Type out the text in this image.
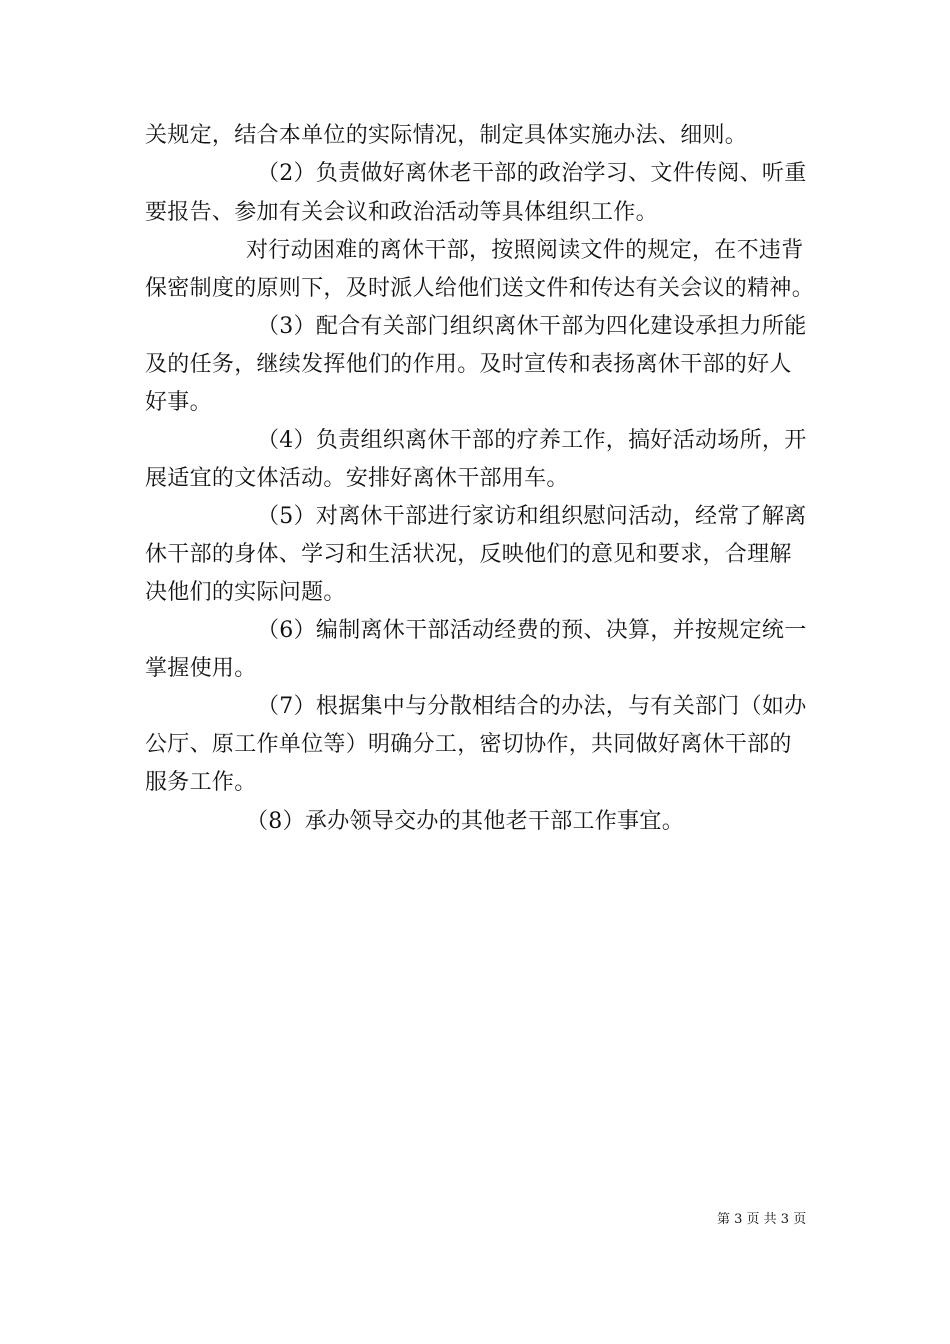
关规定，结合本单位的实际情况，制定具体实施办法、细则。
（2）负责做好离休老干部的政治学习、文件传阅、听重
要报告、参加有关会议和政治活动等具体组织工作。
对行动困难的离休干部，按照阅读文件的规定，在不违背
保密制度的原则下，及时派人给他们送文件和传达有关会议的精神。
（3）配合有关部门组织离休干部为四化建设承担力所能
及的任务，继续发挥他们的作用。及时宣传和表扬离休干部的好人
好事。
（4）负责组织离休干部的疗养工作，搞好活动场所，开
展适宜的文体活动。安排好离休干部用车。
（5）对离休干部进行家访和组织慰问活动，经常了解离
休干部的身体、学习和生活状况，反映他们的意见和要求，合理解
决他们的实际问题。
（6）编制离休干部活动经费的预、决算，并按规定统一
掌握使用。
（7）根据集中与分散相结合的办法，与有关部门（如办
公厅、原工作单位等）明确分工，密切协作，共同做好离休干部的
服务工作。
（8）承办领导交办的其他老干部工作事宜。
第 3 页 共 3 页
